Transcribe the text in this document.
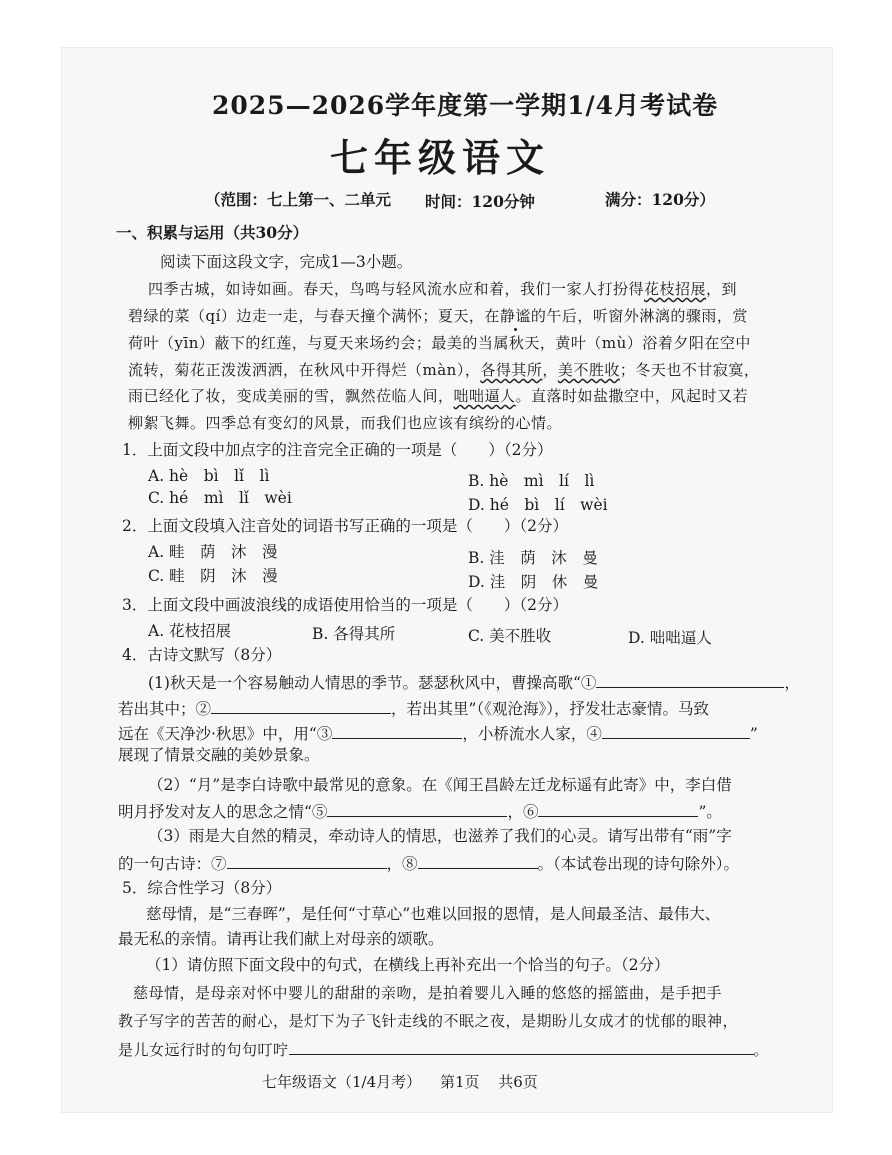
2025—2026学年度第一学期1/4月考试卷
七年级语文
（范围：七上第一、二单元 时间：120分钟	满分：120分）
一、积累与运用（共30分）
阅读下面这段文字，完成1—3小题。
四季古城，如诗如画。春天，鸟鸣与轻风流水应和着，我们一家人打扮得花枝招展，到
碧绿的菜（qí）边走一走，与春天撞个满怀；夏天，在静谧的午后，听窗外淋漓的骤雨，赏
荷叶（yīn）蔽下的红莲，与夏天来场约会；最美的当属秋天，黄叶（mù）浴着夕阳在空中
流转，菊花正泼泼洒洒，在秋风中开得烂（màn），各得其所，美不胜收；冬天也不甘寂寞，
雨已经化了妆，变成美丽的雪，飘然莅临人间，咄咄逼人。直落时如盐撒空中，风起时又若
柳絮飞舞。四季总有变幻的风景，而我们也应该有缤纷的心情。
1．上面文段中加点字的注音完全正确的一项是（　　）（2分）
A. hè　bì　lǐ　lì	B. hè　mì　lí　lì
C. hé　mì　lǐ　wèi	D. hé　bì　lí　wèi
2．上面文段填入注音处的词语书写正确的一项是（　　）（2分）
A. 畦　荫　沐　漫	B. 洼　荫　沐　曼
C. 畦　阴　沐　漫	D. 洼　阴　休　曼
3．上面文段中画波浪线的成语使用恰当的一项是（　　）（2分）
A. 花枝招展	B. 各得其所	C. 美不胜收	D. 咄咄逼人
4．古诗文默写（8分）
(1)秋天是一个容易触动人情思的季节。瑟瑟秋风中，曹操高歌“①	，
若出其中；②	，若出其里”（《观沧海》），抒发壮志豪情。马致
远在《天净沙·秋思》中，用“③	，小桥流水人家，④	”
展现了情景交融的美妙景象。
（2）“月”是李白诗歌中最常见的意象。在《闻王昌龄左迁龙标遥有此寄》中，李白借
明月抒发对友人的思念之情“⑤	，⑥	”。
（3）雨是大自然的精灵，牵动诗人的情思，也滋养了我们的心灵。请写出带有“雨”字
的一句古诗：⑦	，⑧	。（本试卷出现的诗句除外）。
5．综合性学习（8分）
慈母情，是“三春晖”，是任何“寸草心”也难以回报的恩情，是人间最圣洁、最伟大、
最无私的亲情。请再让我们献上对母亲的颂歌。
（1）请仿照下面文段中的句式，在横线上再补充出一个恰当的句子。（2分）
慈母情，是母亲对怀中婴儿的甜甜的亲吻，是拍着婴儿入睡的悠悠的摇篮曲，是手把手
教子写字的苦苦的耐心，是灯下为子飞针走线的不眠之夜，是期盼儿女成才的忧郁的眼神，
是儿女远行时的句句叮咛	。
七年级语文（1/4月考） 第1页 共6页
